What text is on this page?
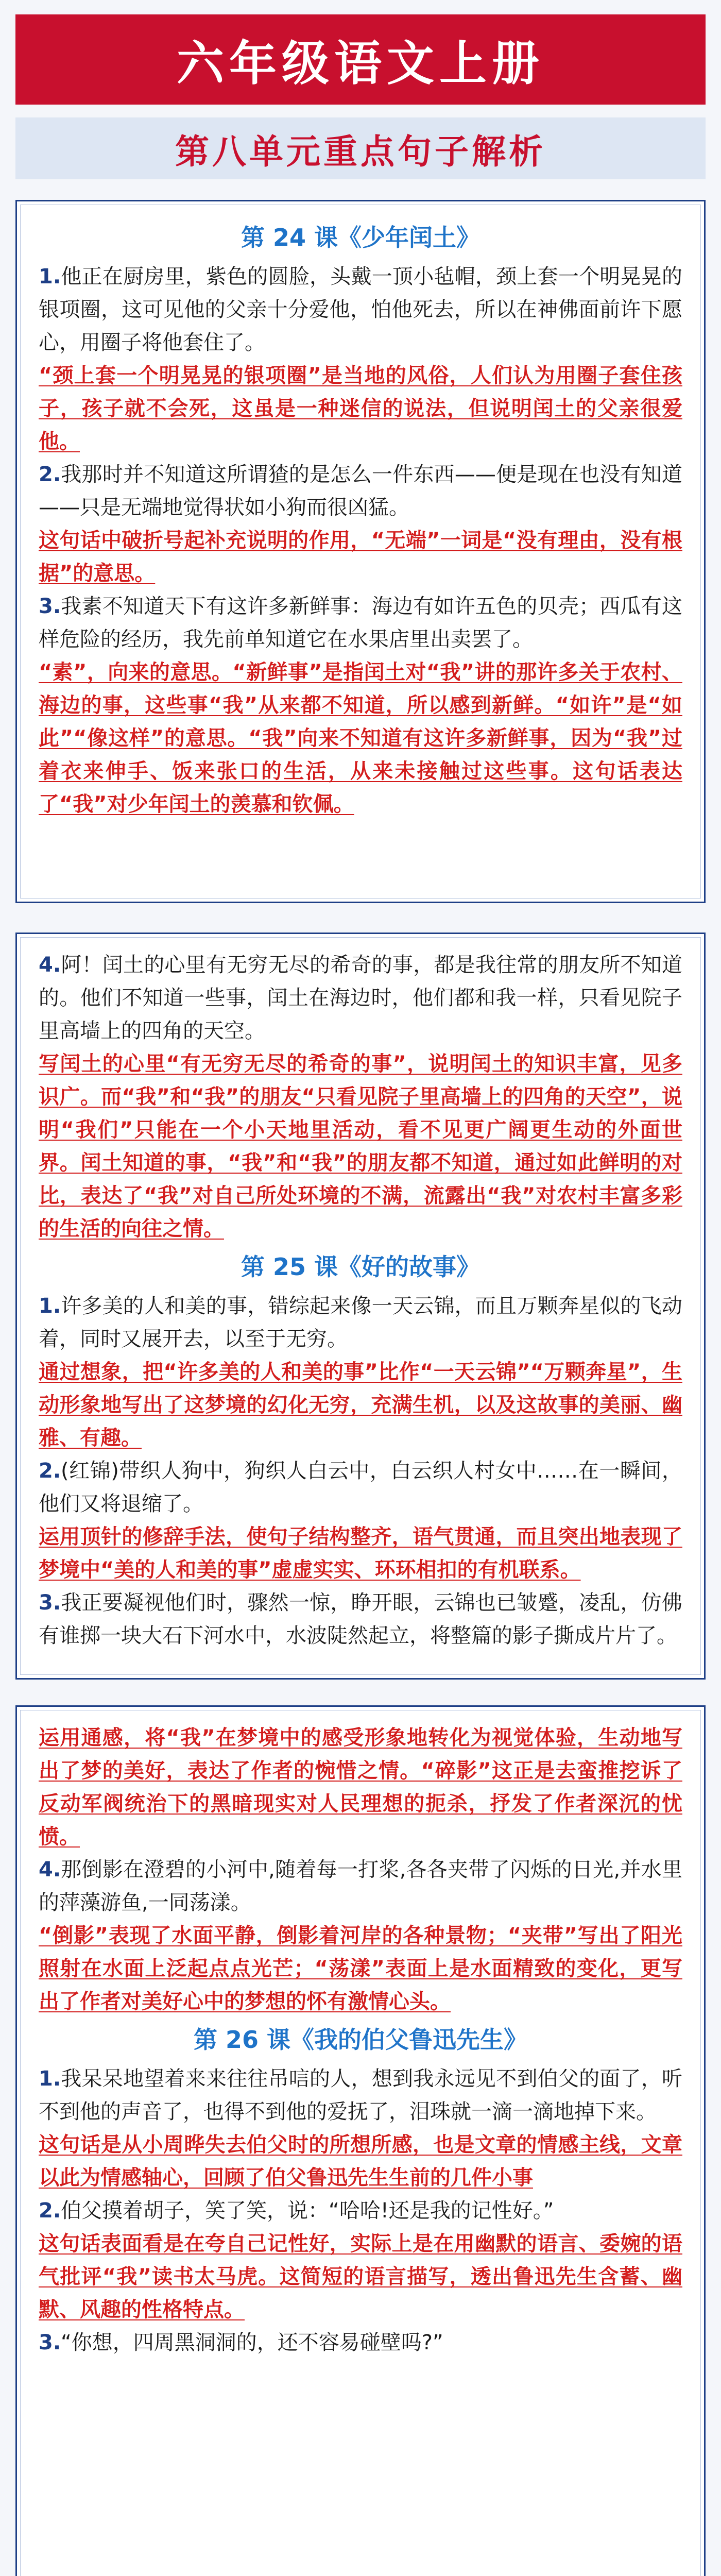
六年级语文上册
第八单元重点句子解析
第 24 课《少年闰土》

1.他正在厨房里，紫色的圆脸，头戴一顶小毡帽，颈上套一个明晃晃的银项圈，这可见他的父亲十分爱他，怕他死去，所以在神佛面前许下愿心，用圈子将他套住了。

“颈上套一个明晃晃的银项圈”是当地的风俗，人们认为用圈子套住孩子，孩子就不会死，这虽是一种迷信的说法，但说明闰土的父亲很爱他。

2.我那时并不知道这所谓猹的是怎么一件东西——便是现在也没有知道——只是无端地觉得状如小狗而很凶猛。

这句话中破折号起补充说明的作用，“无端”一词是“没有理由，没有根据”的意思。

3.我素不知道天下有这许多新鲜事：海边有如许五色的贝壳；西瓜有这样危险的经历，我先前单知道它在水果店里出卖罢了。

“素”，向来的意思。“新鲜事”是指闰土对“我”讲的那许多关于农村、海边的事，这些事“我”从来都不知道，所以感到新鲜。“如许”是“如此”“像这样”的意思。“我”向来不知道有这许多新鲜事，因为“我”过着衣来伸手、饭来张口的生活，从来未接触过这些事。这句话表达了“我”对少年闰土的羡慕和钦佩。

4.阿！闰土的心里有无穷无尽的希奇的事，都是我往常的朋友所不知道的。他们不知道一些事，闰土在海边时，他们都和我一样，只看见院子里高墙上的四角的天空。

写闰土的心里“有无穷无尽的希奇的事”，说明闰土的知识丰富，见多识广。而“我”和“我”的朋友“只看见院子里高墙上的四角的天空”，说明“我们”只能在一个小天地里活动，看不见更广阔更生动的外面世界。闰土知道的事，“我”和“我”的朋友都不知道，通过如此鲜明的对比，表达了“我”对自己所处环境的不满，流露出“我”对农村丰富多彩的生活的向往之情。

第 25 课《好的故事》

1.许多美的人和美的事，错综起来像一天云锦，而且万颗奔星似的飞动着，同时又展开去，以至于无穷。

通过想象，把“许多美的人和美的事”比作“一天云锦”“万颗奔星”，生动形象地写出了这梦境的幻化无穷，充满生机，以及这故事的美丽、幽雅、有趣。

2.(红锦)带织人狗中，狗织人白云中，白云织人村女中……在一瞬间，他们又将退缩了。

运用顶针的修辞手法，使句子结构整齐，语气贯通，而且突出地表现了梦境中“美的人和美的事”虚虚实实、环环相扣的有机联系。

3.我正要凝视他们时，骤然一惊，睁开眼，云锦也已皱蹙，凌乱，仿佛有谁掷一块大石下河水中，水波陡然起立，将整篇的影子撕成片片了。

运用通感，将“我”在梦境中的感受形象地转化为视觉体验，生动地写出了梦的美好，表达了作者的惋惜之情。“碎影”这正是去蛮推挖诉了反动军阀统治下的黑暗现实对人民理想的扼杀，抒发了作者深沉的忧愤。

4.那倒影在澄碧的小河中,随着每一打桨,各各夹带了闪烁的日光,并水里的萍藻游鱼,一同荡漾。

“倒影”表现了水面平静，倒影着河岸的各种景物；“夹带”写出了阳光照射在水面上泛起点点光芒；“荡漾”表面上是水面精致的变化，更写出了作者对美好心中的梦想的怀有激情心头。

第 26 课《我的伯父鲁迅先生》

1.我呆呆地望着来来往往吊唁的人，想到我永远见不到伯父的面了，听不到他的声音了，也得不到他的爱抚了，泪珠就一滴一滴地掉下来。

这句话是从小周晔失去伯父时的所想所感，也是文章的情感主线，文章以此为情感轴心，回顾了伯父鲁迅先生生前的几件小事

2.伯父摸着胡子，笑了笑，说：“哈哈!还是我的记性好。”

这句话表面看是在夸自己记性好，实际上是在用幽默的语言、委婉的语气批评“我”读书太马虎。这简短的语言描写，透出鲁迅先生含蓄、幽默、风趣的性格特点。

3.“你想，四周黑洞洞的，还不容易碰壁吗?”
